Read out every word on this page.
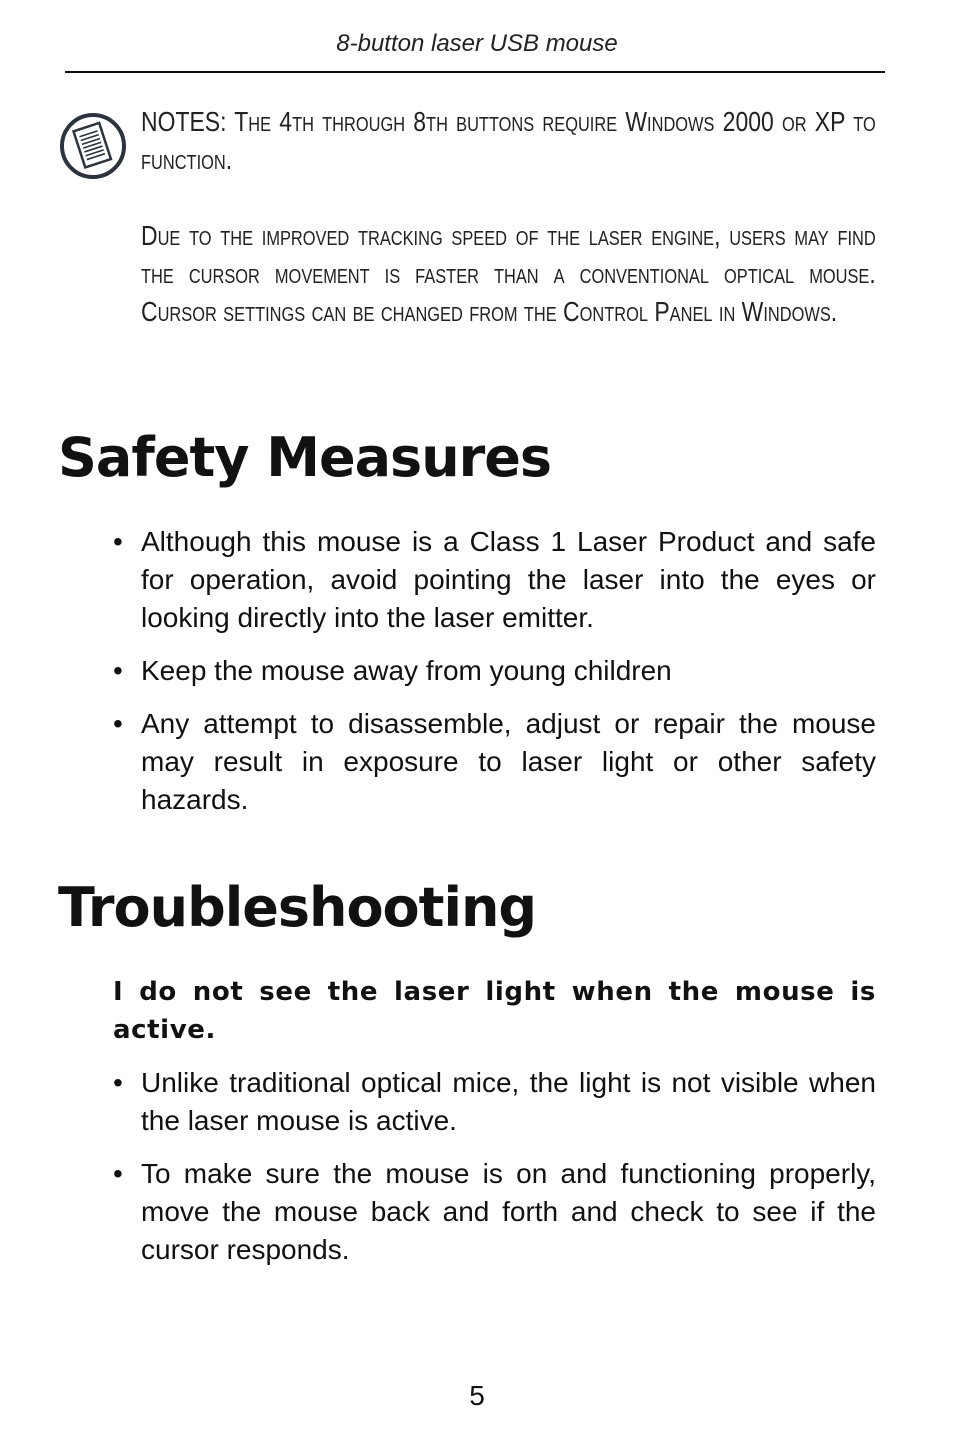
8-button laser USB mouse

NOTES: The 4th through 8th buttons require Windows 2000 or XP to function.

Due to the improved tracking speed of the laser engine, users may find the cursor movement is faster than a conventional optical mouse. Cursor settings can be changed from the Control Panel in Windows.

Safety Measures
• Although this mouse is a Class 1 Laser Product and safe for operation, avoid pointing the laser into the eyes or looking directly into the laser emitter.
• Keep the mouse away from young children
• Any attempt to disassemble, adjust or repair the mouse may result in exposure to laser light or other safety hazards.
Troubleshooting

I do not see the laser light when the mouse is active.

• Unlike traditional optical mice, the light is not visible when the laser mouse is active.
• To make sure the mouse is on and functioning properly, move the mouse back and forth and check to see if the cursor responds.
5
